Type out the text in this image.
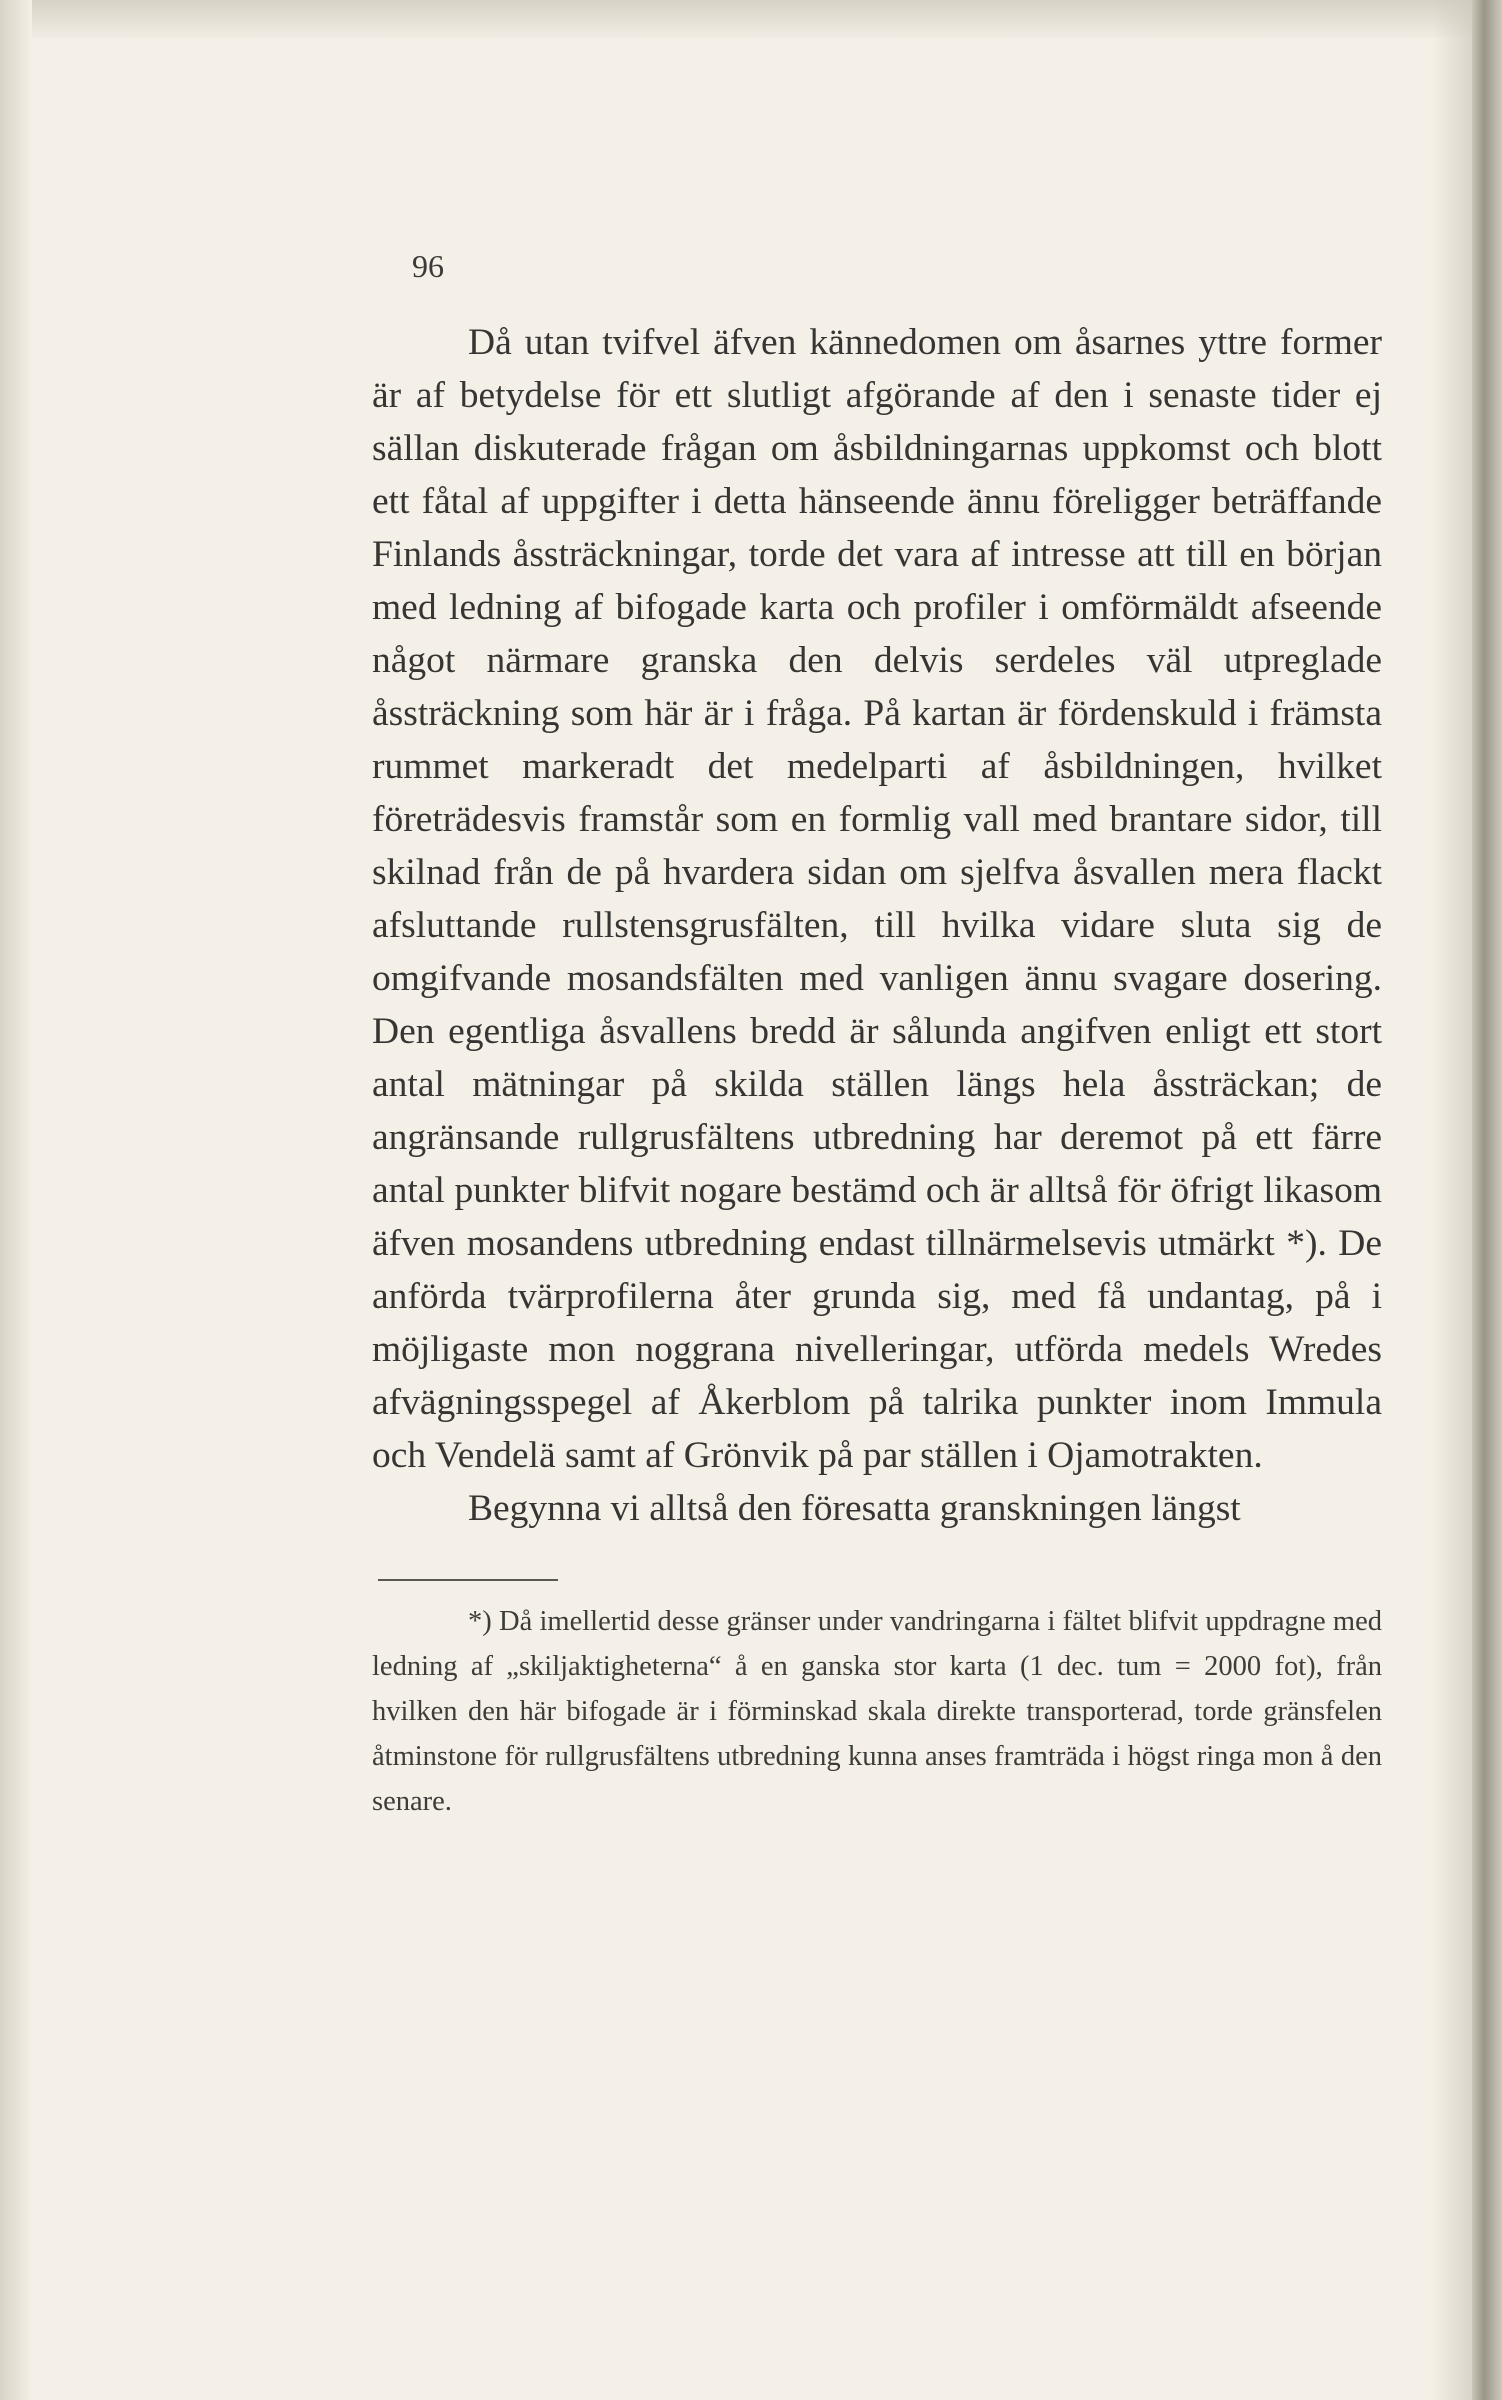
96

Då utan tvifvel äfven kännedomen om åsarnes yttre former är af betydelse för ett slutligt afgörande af den i senaste tider ej sällan diskuterade frågan om åsbildningarnas uppkomst och blott ett fåtal af uppgifter i detta hänseende ännu föreligger beträffande Finlands åssträckningar, torde det vara af intresse att till en början med ledning af bifogade karta och profiler i omförmäldt afseende något närmare granska den delvis serdeles väl utpreglade åssträckning som här är i fråga. På kartan är fördenskuld i främsta rummet markeradt det medelparti af åsbildningen, hvilket företrädesvis framstår som en formlig vall med brantare sidor, till skilnad från de på hvardera sidan om sjelfva åsvallen mera flackt afsluttande rullstensgrusfälten, till hvilka vidare sluta sig de omgifvande mosandsfälten med vanligen ännu svagare dosering. Den egentliga åsvallens bredd är sålunda angifven enligt ett stort antal mätningar på skilda ställen längs hela åssträckan; de angränsande rullgrusfältens utbredning har deremot på ett färre antal punkter blifvit nogare bestämd och är alltså för öfrigt likasom äfven mosandens utbredning endast tillnärmelsevis utmärkt *). De anförda tvärprofilerna åter grunda sig, med få undantag, på i möjligaste mon noggrana nivelleringar, utförda medels Wredes afvägningsspegel af Åkerblom på talrika punkter inom Immula och Vendelä samt af Grönvik på par ställen i Ojamotrakten.

Begynna vi alltså den föresatta granskningen längst

*) Då imellertid desse gränser under vandringarna i fältet blifvit uppdragne med ledning af „skiljaktigheterna“ å en ganska stor karta (1 dec. tum = 2000 fot), från hvilken den här bifogade är i förminskad skala direkte transporterad, torde gränsfelen åtminstone för rullgrusfältens utbredning kunna anses framträda i högst ringa mon å den senare.
